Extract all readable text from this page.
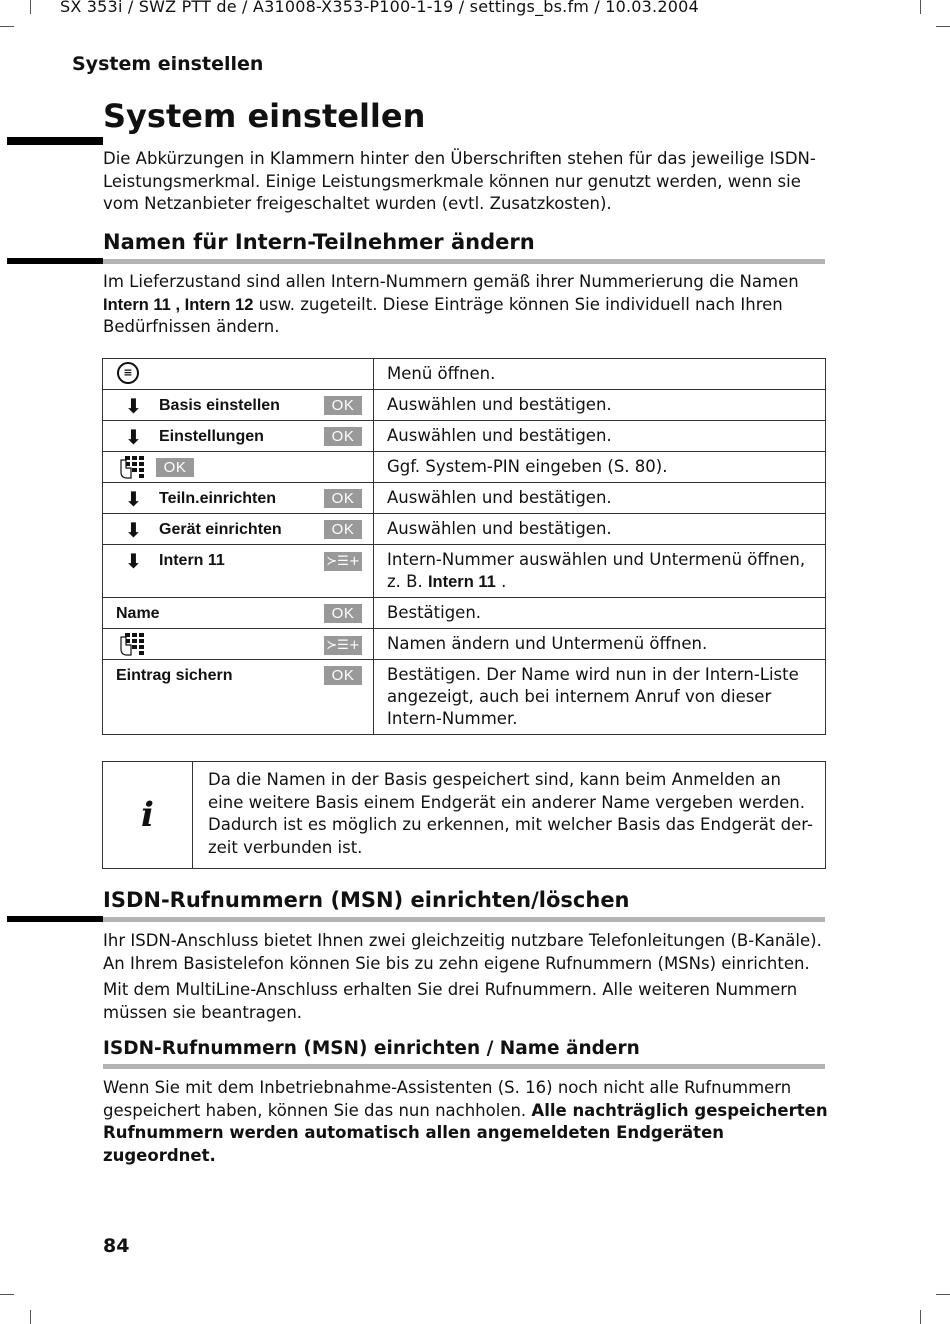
SX 353i / SWZ PTT de / A31008-X353-P100-1-19 / settings_bs.fm / 10.03.2004
System einstellen
System einstellen
Die Abkürzungen in Klammern hinter den Überschriften stehen für das jeweilige ISDN-Leistungsmerkmal. Einige Leistungsmerkmale können nur genutzt werden, wenn sie vom Netzanbieter freigeschaltet wurden (evtl. Zusatzkosten).
Namen für Intern-Teilnehmer ändern
Im Lieferzustand sind allen Intern-Nummern gemäß ihrer Nummerierung die Namen Intern 11 , Intern 12 usw. zugeteilt. Diese Einträge können Sie individuell nach Ihren Bedürfnissen ändern.
≡	Menü öffnen.

⬇ Basis einstellen OK	Auswählen und bestätigen.

⬇ Einstellungen OK	Auswählen und bestätigen.

OK	Ggf. System-PIN eingeben (S. 80).

⬇ Teiln.einrichten OK	Auswählen und bestätigen.

⬇ Gerät einrichten OK	Auswählen und bestätigen.

⬇ Intern 11 ≻☰+	Intern-Nummer auswählen und Untermenü öffnen, z. B. Intern 11 .

Name OK	Bestätigen.

≻☰+	Namen ändern und Untermenü öffnen.

Eintrag sichern OK	Bestätigen. Der Name wird nun in der Intern-Liste angezeigt, auch bei internem Anruf von dieser Intern-Nummer.
i
Da die Namen in der Basis gespeichert sind, kann beim Anmelden an eine weitere Basis einem Endgerät ein anderer Name vergeben werden. Dadurch ist es möglich zu erkennen, mit welcher Basis das Endgerät der-zeit verbunden ist.
ISDN-Rufnummern (MSN) einrichten/löschen
Ihr ISDN-Anschluss bietet Ihnen zwei gleichzeitig nutzbare Telefonleitungen (B-Kanäle). An Ihrem Basistelefon können Sie bis zu zehn eigene Rufnummern (MSNs) einrichten.
Mit dem MultiLine-Anschluss erhalten Sie drei Rufnummern. Alle weiteren Nummern müssen sie beantragen.
ISDN-Rufnummern (MSN) einrichten / Name ändern
Wenn Sie mit dem Inbetriebnahme-Assistenten (S. 16) noch nicht alle Rufnummern gespeichert haben, können Sie das nun nachholen. Alle nachträglich gespeicherten Rufnummern werden automatisch allen angemeldeten Endgeräten zugeordnet.
84
